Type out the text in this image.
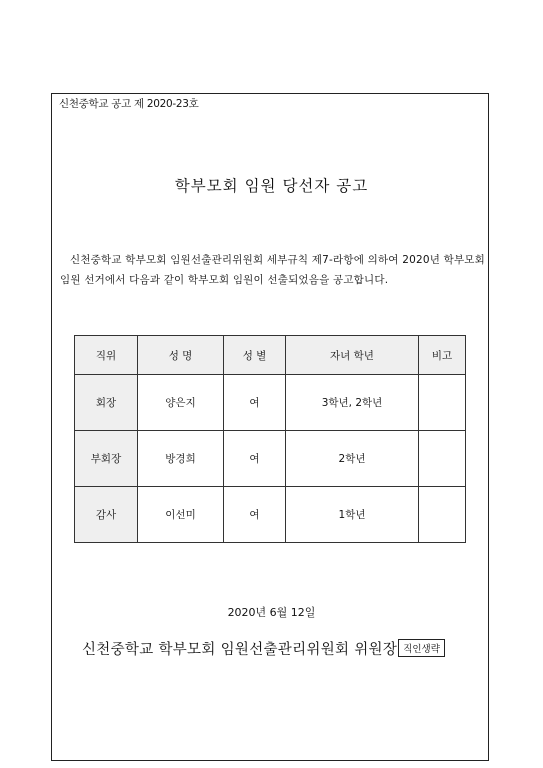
신천중학교 공고 제 2020-23호
학부모회 임원 당선자 공고

신천중학교 학부모회 임원선출관리위원회 세부규칙 제7-라항에 의하여 2020년 학부모회 임원 선거에서 다음과 같이 학부모회 임원이 선출되었음을 공고합니다.

직위	성 명	성 별	자녀 학년	비고
회장	양은지	여	3학년, 2학년	
부회장	방경희	여	2학년	
감사	이선미	여	1학년	
2020년 6월 12일
신천중학교 학부모회 임원선출관리위원회 위원장 직인생략
